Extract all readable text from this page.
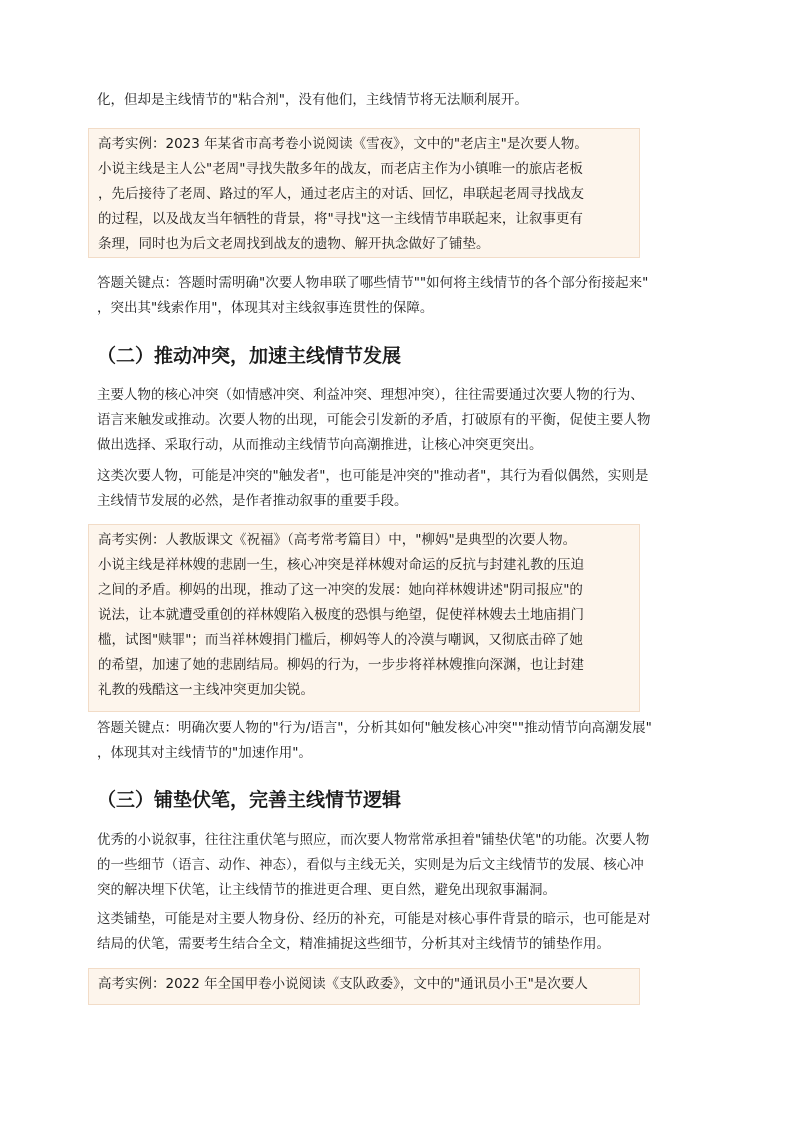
化，但却是主线情节的"粘合剂"，没有他们，主线情节将无法顺利展开。
高考实例：2023 年某省市高考卷小说阅读《雪夜》，文中的"老店主"是次要人物。
小说主线是主人公"老周"寻找失散多年的战友，而老店主作为小镇唯一的旅店老板
，先后接待了老周、路过的军人，通过老店主的对话、回忆，串联起老周寻找战友
的过程，以及战友当年牺牲的背景，将"寻找"这一主线情节串联起来，让叙事更有
条理，同时也为后文老周找到战友的遗物、解开执念做好了铺垫。
答题关键点：答题时需明确"次要人物串联了哪些情节""如何将主线情节的各个部分衔接起来"
，突出其"线索作用"，体现其对主线叙事连贯性的保障。
（二）推动冲突，加速主线情节发展
主要人物的核心冲突（如情感冲突、利益冲突、理想冲突），往往需要通过次要人物的行为、
语言来触发或推动。次要人物的出现，可能会引发新的矛盾，打破原有的平衡，促使主要人物
做出选择、采取行动，从而推动主线情节向高潮推进，让核心冲突更突出。
这类次要人物，可能是冲突的"触发者"，也可能是冲突的"推动者"，其行为看似偶然，实则是
主线情节发展的必然，是作者推动叙事的重要手段。
高考实例：人教版课文《祝福》（高考常考篇目）中，"柳妈"是典型的次要人物。
小说主线是祥林嫂的悲剧一生，核心冲突是祥林嫂对命运的反抗与封建礼教的压迫
之间的矛盾。柳妈的出现，推动了这一冲突的发展：她向祥林嫂讲述"阴司报应"的
说法，让本就遭受重创的祥林嫂陷入极度的恐惧与绝望，促使祥林嫂去土地庙捐门
槛，试图"赎罪"；而当祥林嫂捐门槛后，柳妈等人的冷漠与嘲讽，又彻底击碎了她
的希望，加速了她的悲剧结局。柳妈的行为，一步步将祥林嫂推向深渊，也让封建
礼教的残酷这一主线冲突更加尖锐。
答题关键点：明确次要人物的"行为/语言"，分析其如何"触发核心冲突""推动情节向高潮发展"
，体现其对主线情节的"加速作用"。
（三）铺垫伏笔，完善主线情节逻辑
优秀的小说叙事，往往注重伏笔与照应，而次要人物常常承担着"铺垫伏笔"的功能。次要人物
的一些细节（语言、动作、神态），看似与主线无关，实则是为后文主线情节的发展、核心冲
突的解决埋下伏笔，让主线情节的推进更合理、更自然，避免出现叙事漏洞。
这类铺垫，可能是对主要人物身份、经历的补充，可能是对核心事件背景的暗示，也可能是对
结局的伏笔，需要考生结合全文，精准捕捉这些细节，分析其对主线情节的铺垫作用。
高考实例：2022 年全国甲卷小说阅读《支队政委》，文中的"通讯员小王"是次要人
